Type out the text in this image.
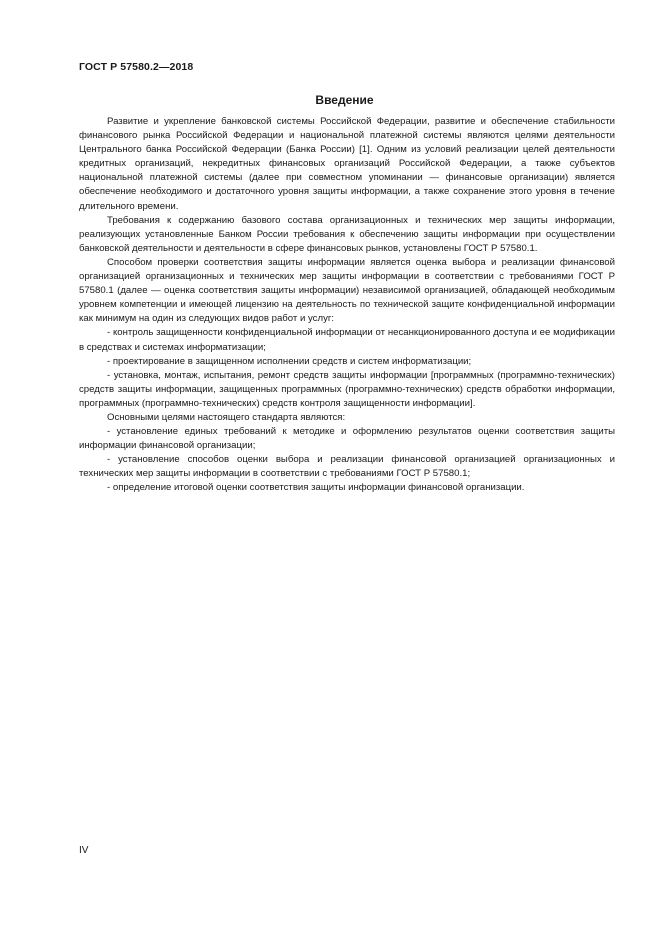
ГОСТ Р 57580.2—2018
Введение

Развитие и укрепление банковской системы Российской Федерации, развитие и обеспечение стабильности финансового рынка Российской Федерации и национальной платежной системы являются целями деятельности Центрального банка Российской Федерации (Банка России) [1]. Одним из условий реализации целей деятельности кредитных организаций, некредитных финансовых организаций Российской Федерации, а также субъектов национальной платежной системы (далее при совместном упоминании — финансовые организации) является обеспечение необходимого и достаточного уровня защиты информации, а также сохранение этого уровня в течение длительного времени.

Требования к содержанию базового состава организационных и технических мер защиты информации, реализующих установленные Банком России требования к обеспечению защиты информации при осуществлении банковской деятельности и деятельности в сфере финансовых рынков, установлены ГОСТ Р 57580.1.

Способом проверки соответствия защиты информации является оценка выбора и реализации финансовой организацией организационных и технических мер защиты информации в соответствии с требованиями ГОСТ Р 57580.1 (далее — оценка соответствия защиты информации) независимой организацией, обладающей необходимым уровнем компетенции и имеющей лицензию на деятельность по технической защите конфиденциальной информации как минимум на один из следующих видов работ и услуг:

- контроль защищенности конфиденциальной информации от несанкционированного доступа и ее модификации в средствах и системах информатизации;

- проектирование в защищенном исполнении средств и систем информатизации;

- установка, монтаж, испытания, ремонт средств защиты информации [программных (программно-технических) средств защиты информации, защищенных программных (программно-технических) средств обработки информации, программных (программно-технических) средств контроля защищенности информации].

Основными целями настоящего стандарта являются:

- установление единых требований к методике и оформлению результатов оценки соответствия защиты информации финансовой организации;

- установление способов оценки выбора и реализации финансовой организацией организационных и технических мер защиты информации в соответствии с требованиями ГОСТ Р 57580.1;

- определение итоговой оценки соответствия защиты информации финансовой организации.

IV
